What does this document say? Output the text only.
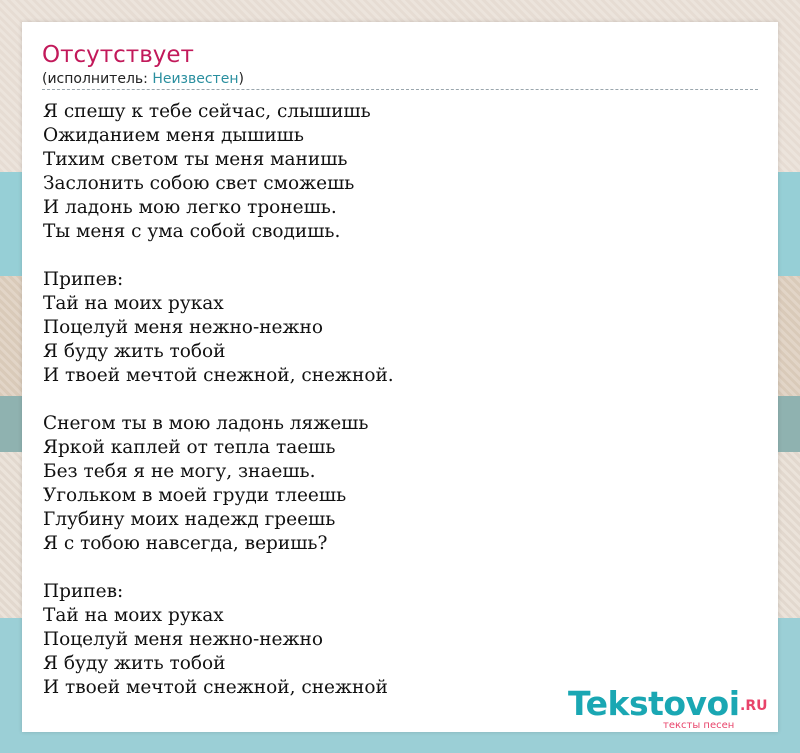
Отсутствует
(исполнитель: Неизвестен)
Я спешу к тебе сейчас, слышишь
Ожиданием меня дышишь
Тихим светом ты меня манишь
Заслонить собою свет сможешь
И ладонь мою легко тронешь.
Ты меня с ума собой сводишь.
Припев:
Тай на моих руках
Поцелуй меня нежно-нежно
Я буду жить тобой
И твоей мечтой снежной, снежной.
Снегом ты в мою ладонь ляжешь
Яркой каплей от тепла таешь
Без тебя я не могу, знаешь.
Угольком в моей груди тлеешь
Глубину моих надежд греешь
Я с тобою навсегда, веришь?
Припев:
Тай на моих руках
Поцелуй меня нежно-нежно
Я буду жить тобой
И твоей мечтой снежной, снежной	Tekstovoi .RU
тексты песен
